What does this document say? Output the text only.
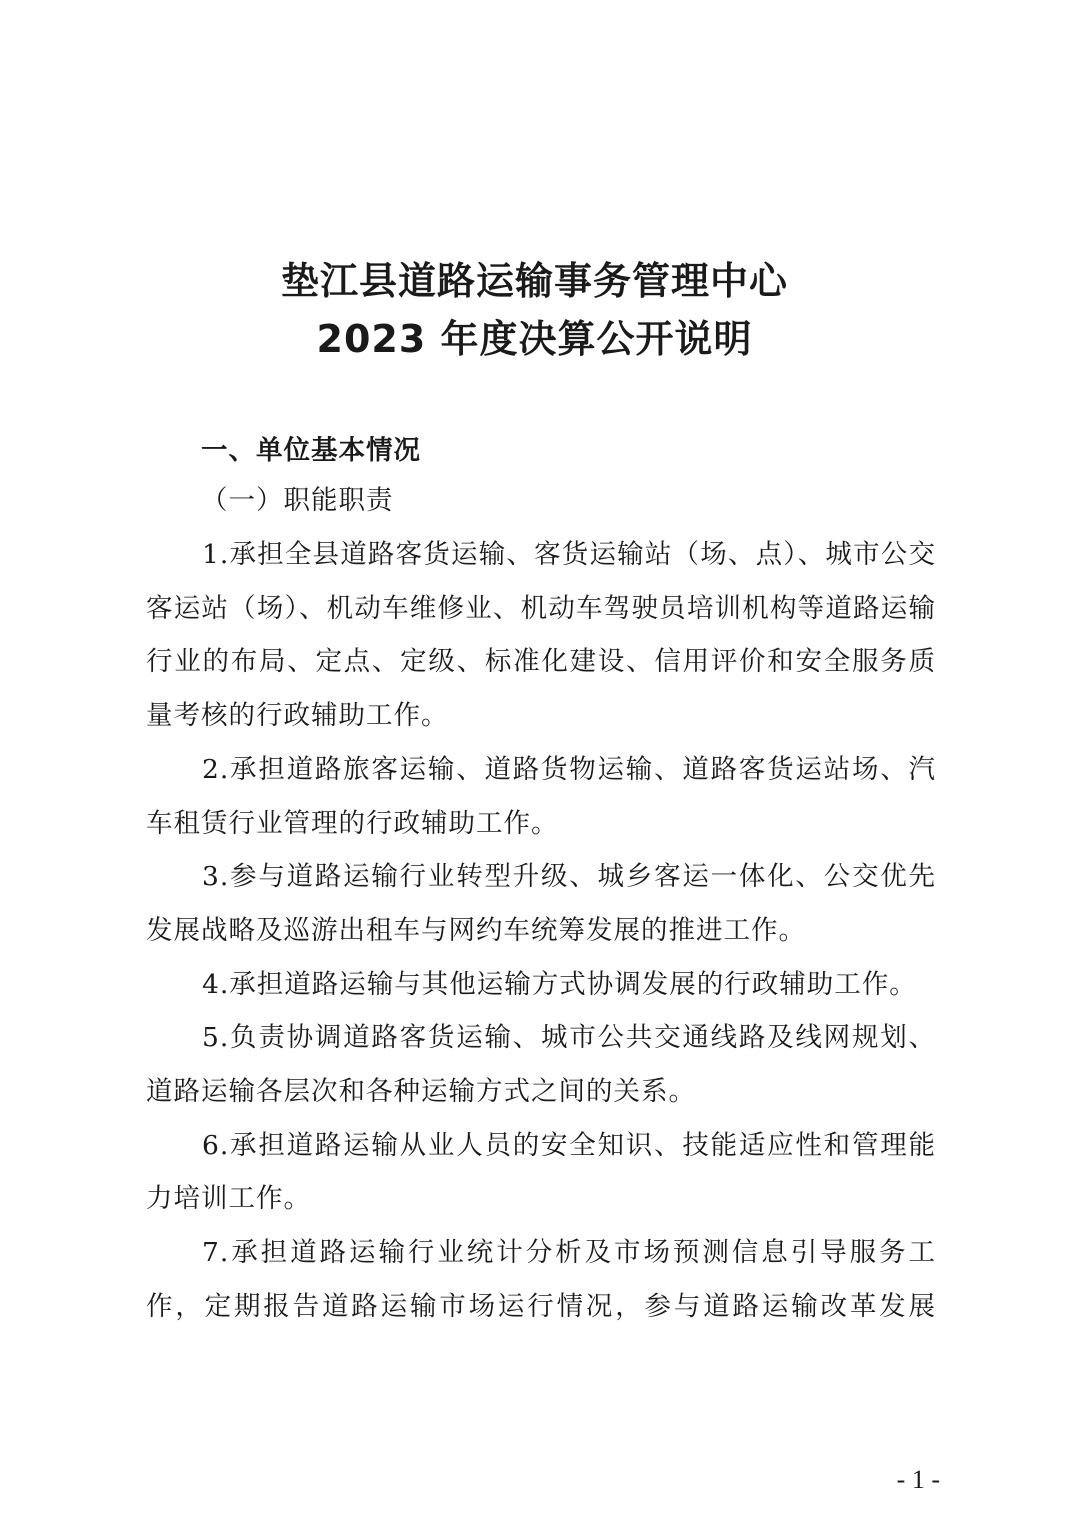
垫江县道路运输事务管理中心
2023 年度决算公开说明
一、单位基本情况
（一）职能职责

1.承担全县道路客货运输、客货运输站（场、点）、城市公交客运站（场）、机动车维修业、机动车驾驶员培训机构等道路运输行业的布局、定点、定级、标准化建设、信用评价和安全服务质量考核的行政辅助工作。

2.承担道路旅客运输、道路货物运输、道路客货运站场、汽车租赁行业管理的行政辅助工作。

3.参与道路运输行业转型升级、城乡客运一体化、公交优先发展战略及巡游出租车与网约车统筹发展的推进工作。

4.承担道路运输与其他运输方式协调发展的行政辅助工作。

5.负责协调道路客货运输、城市公共交通线路及线网规划、道路运输各层次和各种运输方式之间的关系。

6.承担道路运输从业人员的安全知识、技能适应性和管理能力培训工作。

7.承担道路运输行业统计分析及市场预测信息引导服务工作，定期报告道路运输市场运行情况，参与道路运输改革发展

- 1 -
